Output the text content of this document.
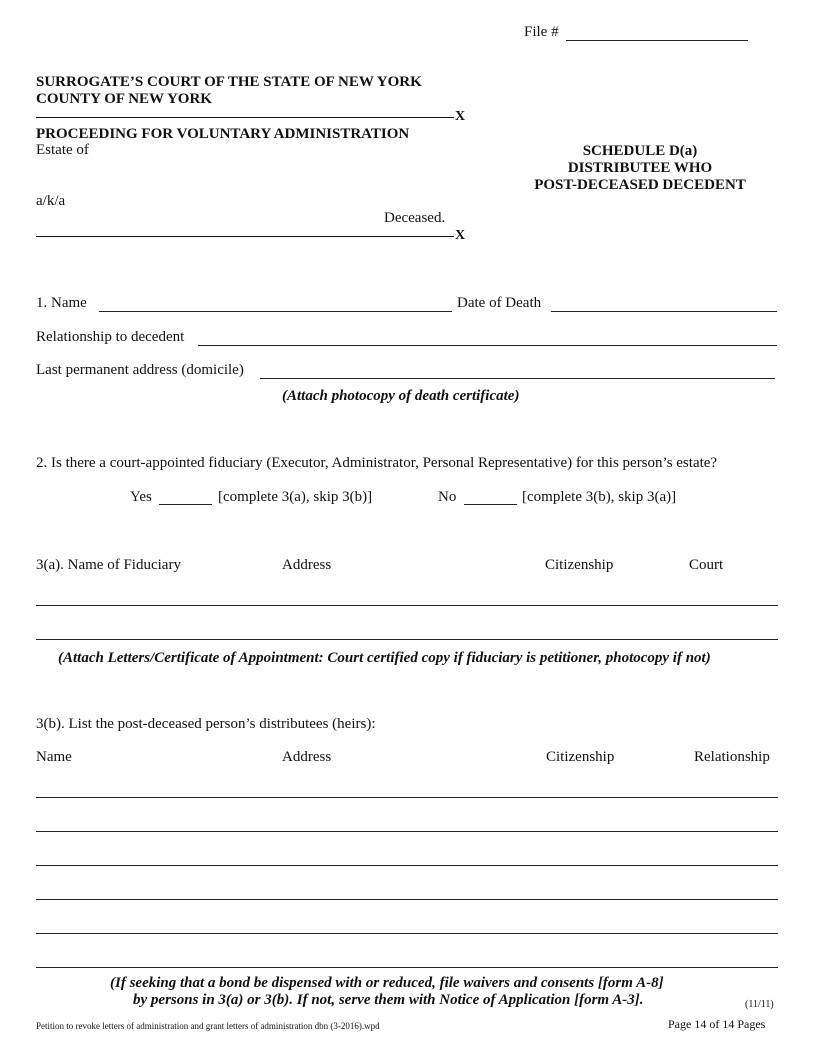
File #
SURROGATE’S COURT OF THE STATE OF NEW YORK
COUNTY OF NEW YORK
X
PROCEEDING FOR VOLUNTARY ADMINISTRATION
Estate of
a/k/a
Deceased.
X
SCHEDULE D(a)
DISTRIBUTEE WHO
POST-DECEASED DECEDENT
1. Name	Date of Death
Relationship to decedent
Last permanent address (domicile)
(Attach photocopy of death certificate)
2. Is there a court-appointed fiduciary (Executor, Administrator, Personal Representative) for this person’s estate?
Yes	[complete 3(a), skip 3(b)]	No	[complete 3(b), skip 3(a)]
3(a). Name of Fiduciary	Address	Citizenship	Court
(Attach Letters/Certificate of Appointment: Court certified copy if fiduciary is petitioner, photocopy if not)
3(b). List the post-deceased person’s distributees (heirs):
Name	Address	Citizenship	Relationship
(If seeking that a bond be dispensed with or reduced, file waivers and consents [form A-8]
by persons in 3(a) or 3(b). If not, serve them with Notice of Application [form A-3].	(11/11)
Petition to revoke letters of administration and grant letters of administration dbn (3-2016).wpd	Page 14 of 14 Pages
